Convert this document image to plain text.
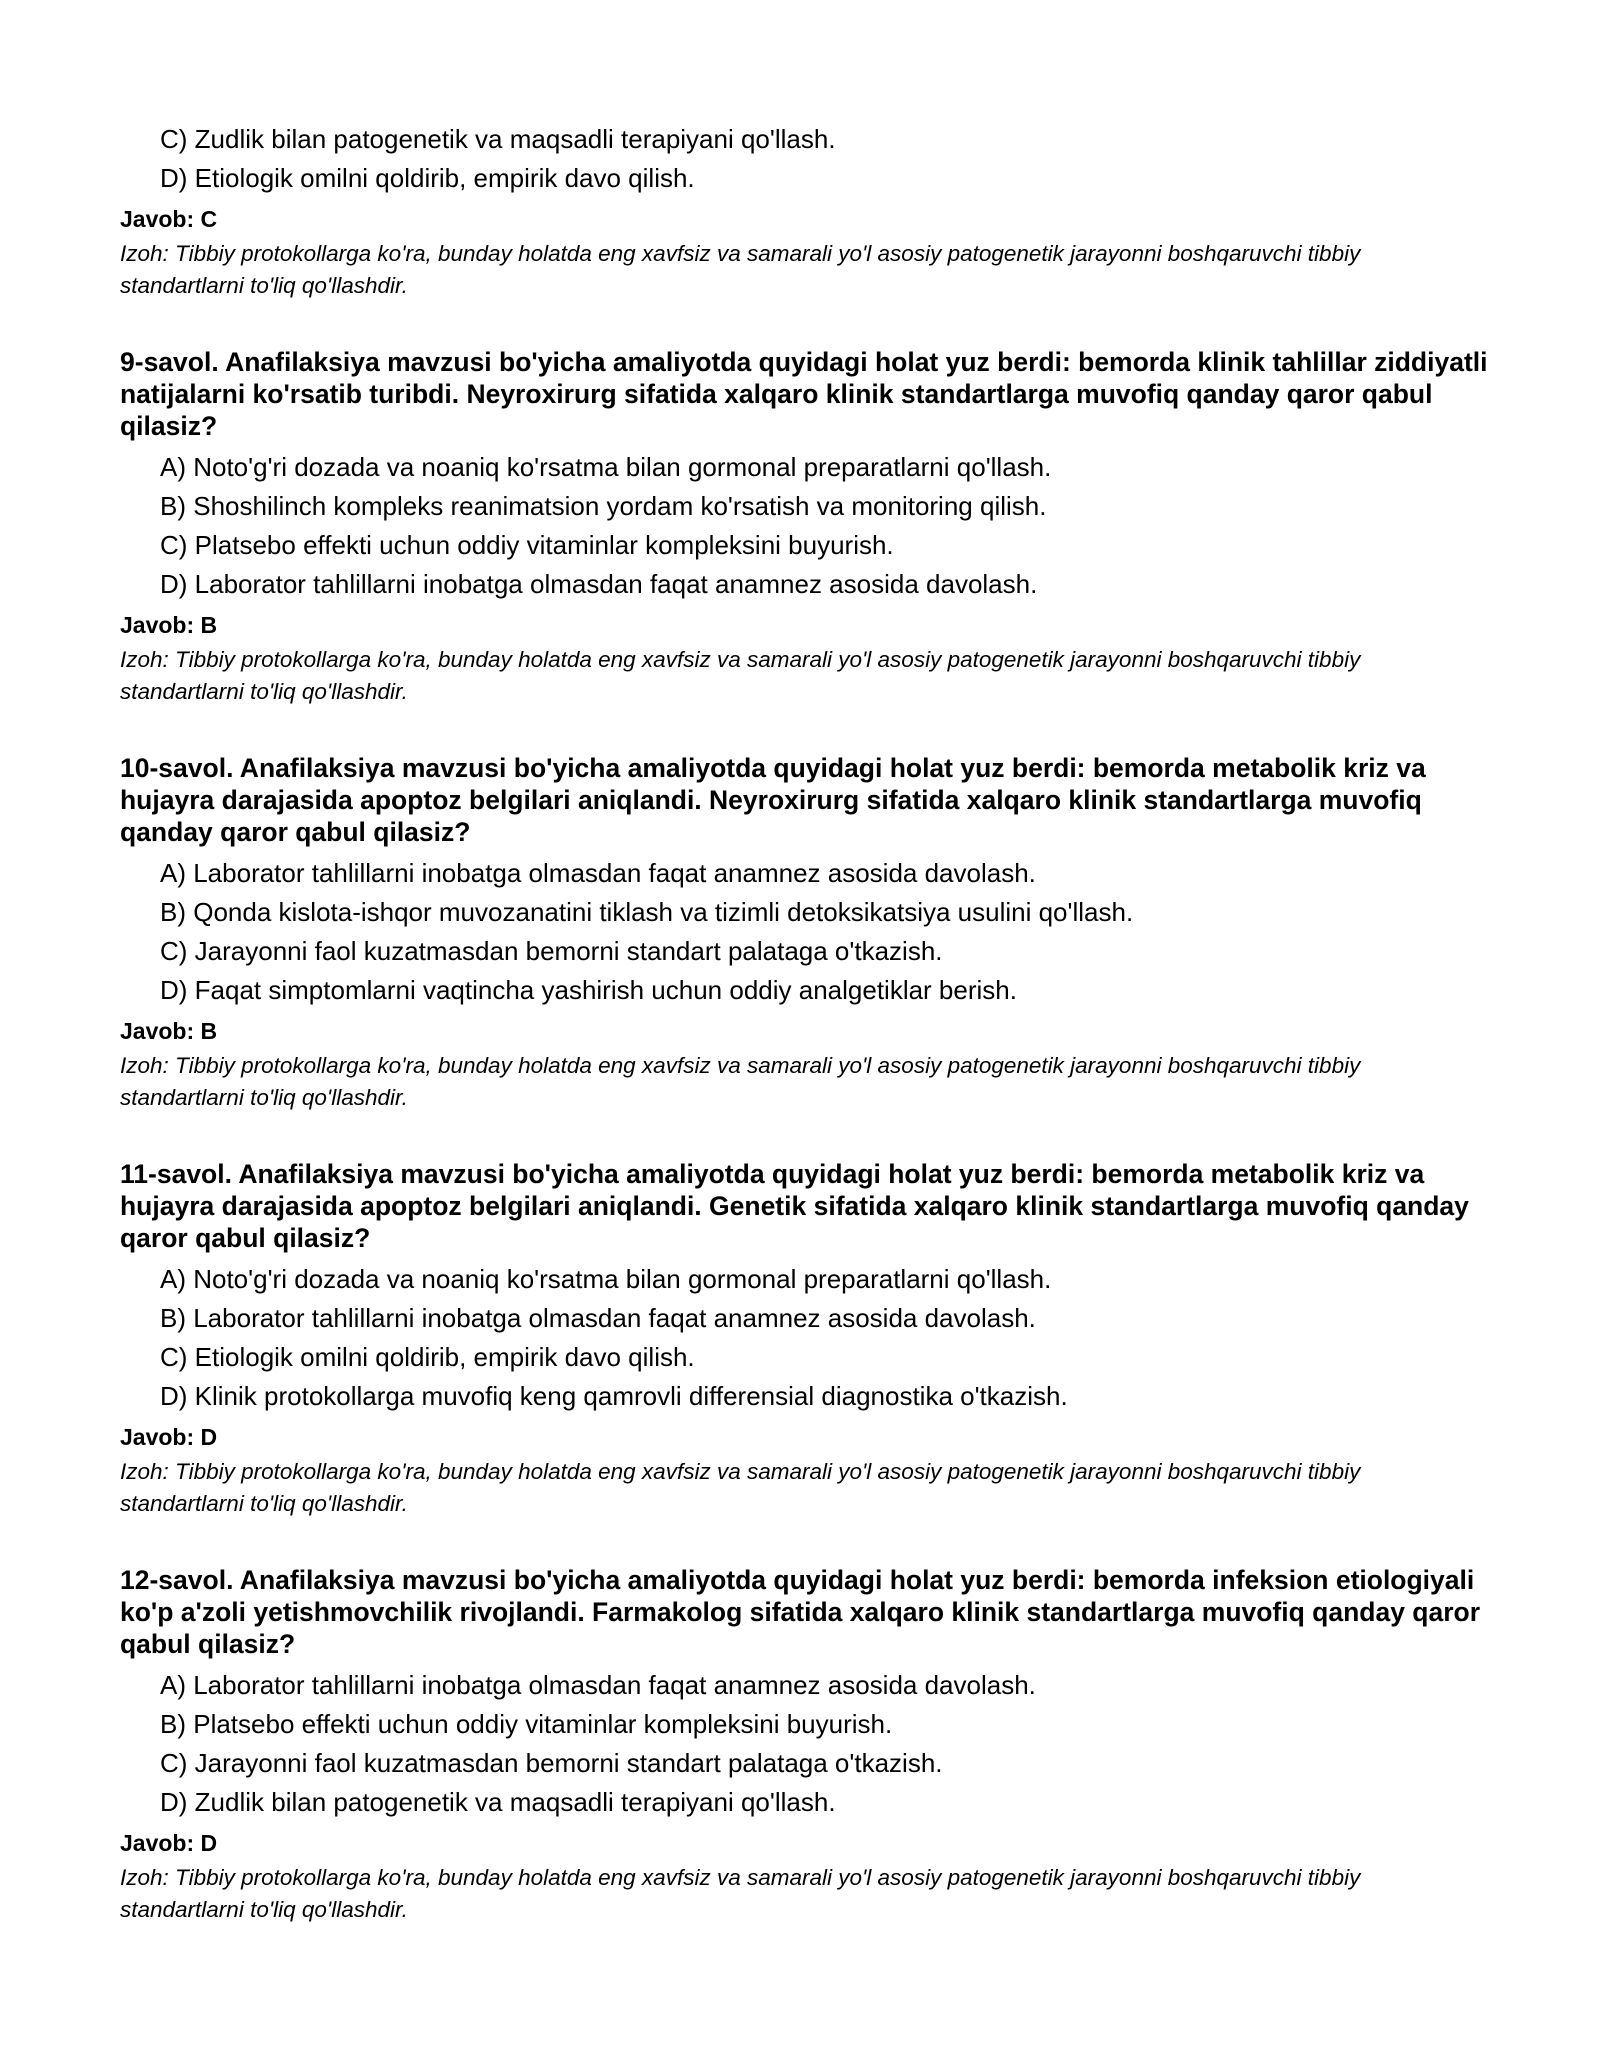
C) Zudlik bilan patogenetik va maqsadli terapiyani qo'llash.

D) Etiologik omilni qoldirib, empirik davo qilish.

Javob: C

Izoh: Tibbiy protokollarga ko'ra, bunday holatda eng xavfsiz va samarali yo'l asosiy patogenetik jarayonni boshqaruvchi tibbiy standartlarni to'liq qo'llashdir.

9-savol. Anafilaksiya mavzusi bo'yicha amaliyotda quyidagi holat yuz berdi: bemorda klinik tahlillar ziddiyatli natijalarni ko'rsatib turibdi. Neyroxirurg sifatida xalqaro klinik standartlarga muvofiq qanday qaror qabul qilasiz?

A) Noto'g'ri dozada va noaniq ko'rsatma bilan gormonal preparatlarni qo'llash.

B) Shoshilinch kompleks reanimatsion yordam ko'rsatish va monitoring qilish.

C) Platsebo effekti uchun oddiy vitaminlar kompleksini buyurish.

D) Laborator tahlillarni inobatga olmasdan faqat anamnez asosida davolash.

Javob: B

Izoh: Tibbiy protokollarga ko'ra, bunday holatda eng xavfsiz va samarali yo'l asosiy patogenetik jarayonni boshqaruvchi tibbiy standartlarni to'liq qo'llashdir.

10-savol. Anafilaksiya mavzusi bo'yicha amaliyotda quyidagi holat yuz berdi: bemorda metabolik kriz va hujayra darajasida apoptoz belgilari aniqlandi. Neyroxirurg sifatida xalqaro klinik standartlarga muvofiq qanday qaror qabul qilasiz?

A) Laborator tahlillarni inobatga olmasdan faqat anamnez asosida davolash.

B) Qonda kislota-ishqor muvozanatini tiklash va tizimli detoksikatsiya usulini qo'llash.

C) Jarayonni faol kuzatmasdan bemorni standart palataga o'tkazish.

D) Faqat simptomlarni vaqtincha yashirish uchun oddiy analgetiklar berish.

Javob: B

Izoh: Tibbiy protokollarga ko'ra, bunday holatda eng xavfsiz va samarali yo'l asosiy patogenetik jarayonni boshqaruvchi tibbiy standartlarni to'liq qo'llashdir.

11-savol. Anafilaksiya mavzusi bo'yicha amaliyotda quyidagi holat yuz berdi: bemorda metabolik kriz va hujayra darajasida apoptoz belgilari aniqlandi. Genetik sifatida xalqaro klinik standartlarga muvofiq qanday qaror qabul qilasiz?

A) Noto'g'ri dozada va noaniq ko'rsatma bilan gormonal preparatlarni qo'llash.

B) Laborator tahlillarni inobatga olmasdan faqat anamnez asosida davolash.

C) Etiologik omilni qoldirib, empirik davo qilish.

D) Klinik protokollarga muvofiq keng qamrovli differensial diagnostika o'tkazish.

Javob: D

Izoh: Tibbiy protokollarga ko'ra, bunday holatda eng xavfsiz va samarali yo'l asosiy patogenetik jarayonni boshqaruvchi tibbiy standartlarni to'liq qo'llashdir.

12-savol. Anafilaksiya mavzusi bo'yicha amaliyotda quyidagi holat yuz berdi: bemorda infeksion etiologiyali ko'p a'zoli yetishmovchilik rivojlandi. Farmakolog sifatida xalqaro klinik standartlarga muvofiq qanday qaror qabul qilasiz?

A) Laborator tahlillarni inobatga olmasdan faqat anamnez asosida davolash.

B) Platsebo effekti uchun oddiy vitaminlar kompleksini buyurish.

C) Jarayonni faol kuzatmasdan bemorni standart palataga o'tkazish.

D) Zudlik bilan patogenetik va maqsadli terapiyani qo'llash.

Javob: D

Izoh: Tibbiy protokollarga ko'ra, bunday holatda eng xavfsiz va samarali yo'l asosiy patogenetik jarayonni boshqaruvchi tibbiy standartlarni to'liq qo'llashdir.
